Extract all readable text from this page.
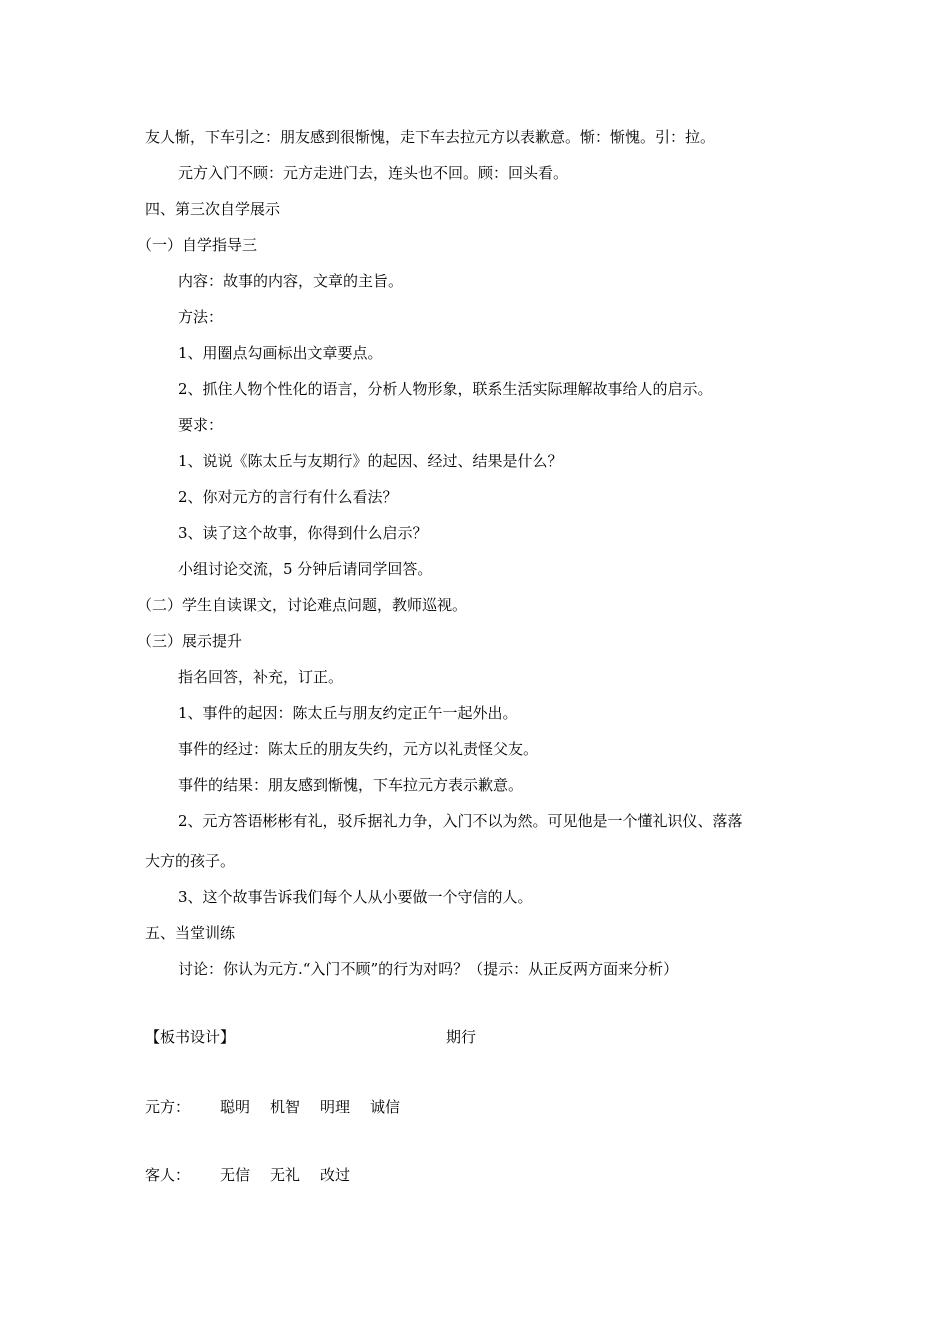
友人惭，下车引之：朋友感到很惭愧，走下车去拉元方以表歉意。惭：惭愧。引：拉。
元方入门不顾：元方走进门去，连头也不回。顾：回头看。
四、第三次自学展示
（一）自学指导三
内容：故事的内容，文章的主旨。
方法：
1、用圈点勾画标出文章要点。
2、抓住人物个性化的语言，分析人物形象，联系生活实际理解故事给人的启示。
要求：
1、说说《陈太丘与友期行》的起因、经过、结果是什么？
2、你对元方的言行有什么看法？
3、读了这个故事，你得到什么启示？
小组讨论交流，5 分钟后请同学回答。
（二）学生自读课文，讨论难点问题，教师巡视。
（三）展示提升
指名回答，补充，订正。
1、事件的起因：陈太丘与朋友约定正午一起外出。
事件的经过：陈太丘的朋友失约，元方以礼责怪父友。
事件的结果：朋友感到惭愧，下车拉元方表示歉意。
2、元方答语彬彬有礼，驳斥据礼力争，入门不以为然。可见他是一个懂礼识仪、落落
大方的孩子。
3、这个故事告诉我们每个人从小要做一个守信的人。
五、当堂训练
讨论：你认为元方.“入门不顾”的行为对吗？（提示：从正反两方面来分析）
【板书设计】	期行
元方： 聪明 机智 明理 诚信
客人： 无信 无礼 改过
